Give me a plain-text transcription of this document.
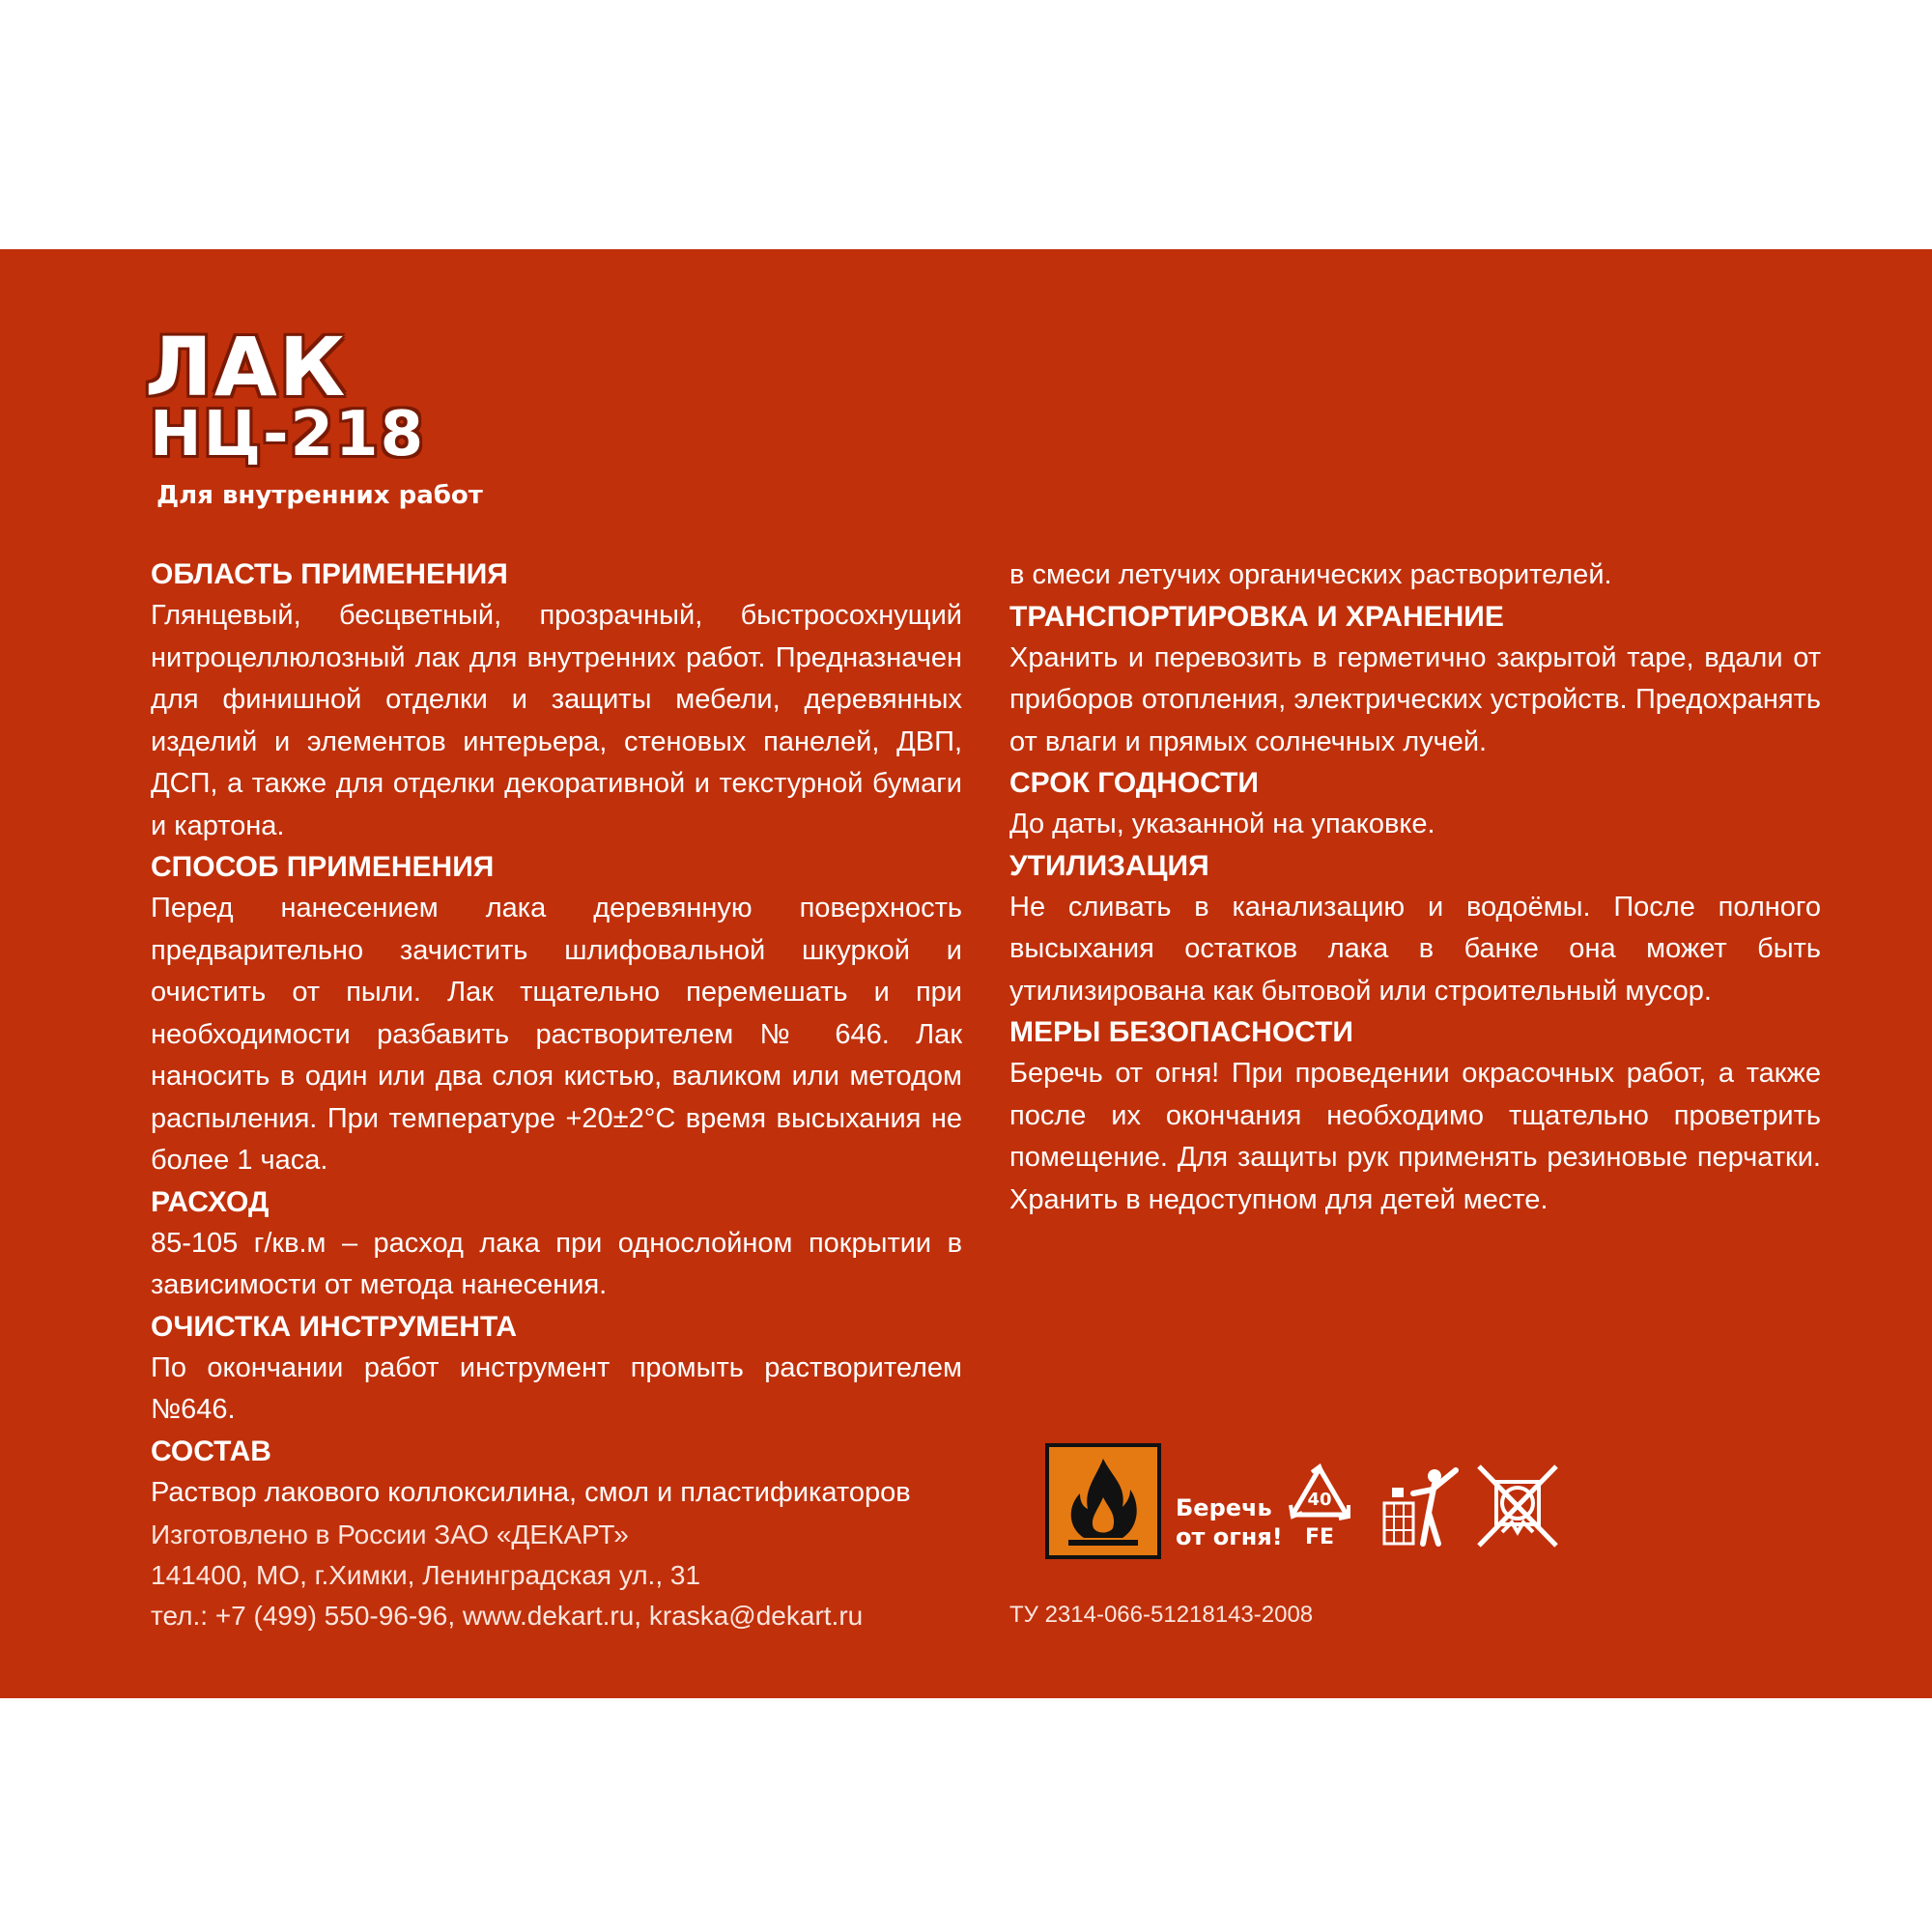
ЛАК
НЦ-218
Для внутренних работ

ОБЛАСТЬ ПРИМЕНЕНИЯ

Глянцевый, бесцветный, прозрачный, быстросохнущий нитроцеллюлозный лак для внутренних работ. Предназначен для финишной отделки и защиты мебели, деревянных изделий и элементов интерьера, стеновых панелей, ДВП, ДСП, а также для отделки декоративной и текстурной бумаги и картона.

СПОСОБ ПРИМЕНЕНИЯ

Перед нанесением лака деревянную поверхность предварительно зачистить шлифовальной шкуркой и очистить от пыли. Лак тщательно перемешать и при необходимости разбавить растворителем № 646. Лак наносить в один или два слоя кистью, валиком или методом распыления. При температуре +20±2°С время высыхания не более 1 часа.

РАСХОД

85-105 г/кв.м – расход лака при однослойном покрытии в зависимости от метода нанесения.

ОЧИСТКА ИНСТРУМЕНТА

По окончании работ инструмент промыть растворителем №646.

СОСТАВ

Раствор лакового коллоксилина, смол и пластификаторов

в смеси летучих органических растворителей.

ТРАНСПОРТИРОВКА И ХРАНЕНИЕ

Хранить и перевозить в герметично закрытой таре, вдали от приборов отопления, электрических устройств. Предохранять от влаги и прямых солнечных лучей.

СРОК ГОДНОСТИ

До даты, указанной на упаковке.

УТИЛИЗАЦИЯ

Не сливать в канализацию и водоёмы. После полного высыхания остатков лака в банке она может быть утилизирована как бытовой или строительный мусор.

МЕРЫ БЕЗОПАСНОСТИ

Беречь от огня! При проведении окрасочных работ, а также после их окончания необходимо тщательно проветрить помещение. Для защиты рук применять резиновые перчатки. Хранить в недоступном для детей месте.

Беречь
от огня!
40
FE
Изготовлено в России ЗАО «ДЕКАРТ»
141400, МО, г.Химки, Ленинградская ул., 31
тел.: +7 (499) 550-96-96, www.dekart.ru, kraska@dekart.ru	ТУ 2314-066-51218143-2008
